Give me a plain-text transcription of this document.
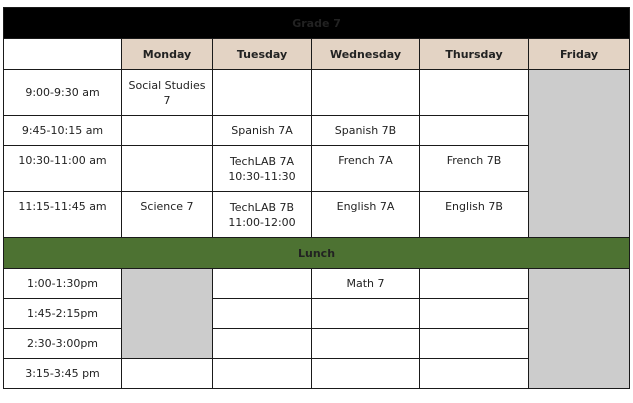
Grade 7					
	Monday	Tuesday	Wednesday	Thursday	Friday
9:00-9:30 am	Social Studies 7				
9:45-10:15 am		Spanish 7A	Spanish 7B		
10:30-11:00 am		TechLAB 7A 10:30-11:30	French 7A	French 7B	
11:15-11:45 am	Science 7	TechLAB 7B 11:00-12:00	English 7A	English 7B	
Lunch					
1:00-1:30pm			Math 7		
1:45-2:15pm					
2:30-3:00pm					
3:15-3:45 pm					
